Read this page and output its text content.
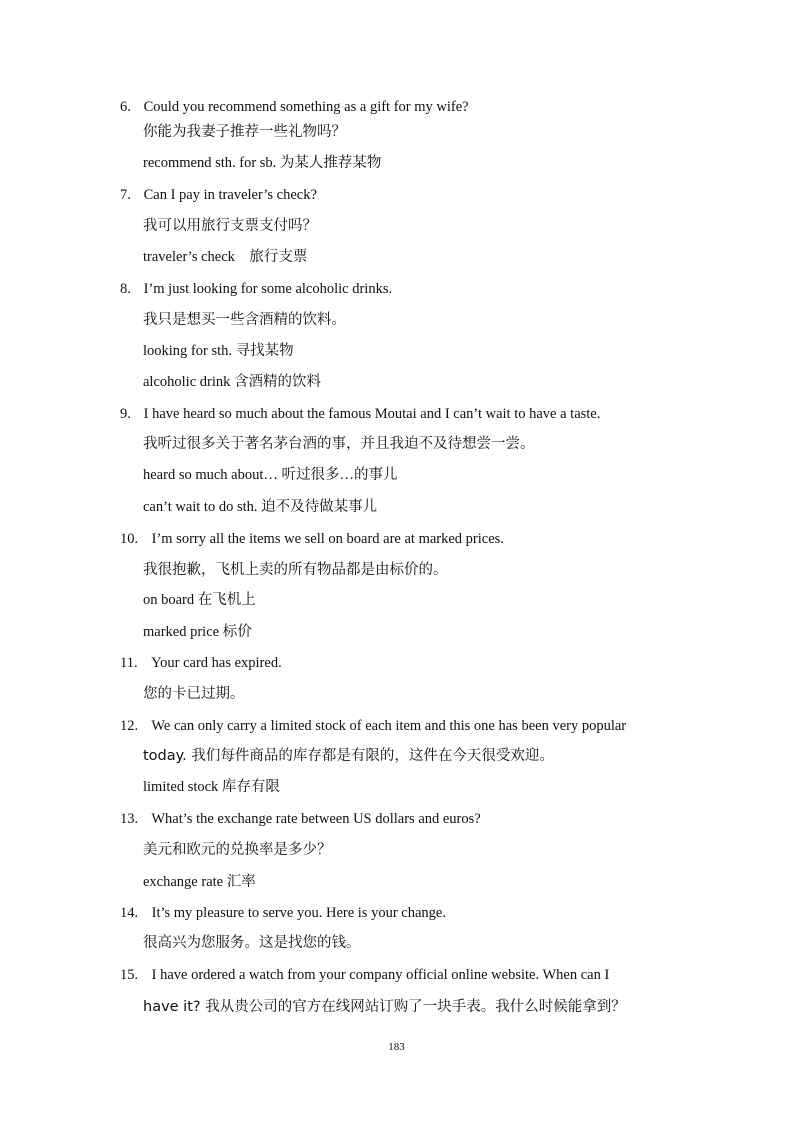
6. Could you recommend something as a gift for my wife?
你能为我妻子推荐一些礼物吗？
recommend sth. for sb. 为某人推荐某物
7. Can I pay in traveler’s check?
我可以用旅行支票支付吗？
traveler’s check　旅行支票
8. I’m just looking for some alcoholic drinks.
我只是想买一些含酒精的饮料。
looking for sth. 寻找某物
alcoholic drink 含酒精的饮料
9. I have heard so much about the famous Moutai and I can’t wait to have a taste.
我听过很多关于著名茅台酒的事，并且我迫不及待想尝一尝。
heard so much about… 听过很多…的事儿
can’t wait to do sth. 迫不及待做某事儿
10. I’m sorry all the items we sell on board are at marked prices.
我很抱歉，飞机上卖的所有物品都是由标价的。
on board 在飞机上
marked price 标价
11. Your card has expired.
您的卡已过期。
12. We can only carry a limited stock of each item and this one has been very popular
today. 我们每件商品的库存都是有限的，这件在今天很受欢迎。
limited stock 库存有限
13. What’s the exchange rate between US dollars and euros?
美元和欧元的兑换率是多少？
exchange rate 汇率
14. It’s my pleasure to serve you. Here is your change.
很高兴为您服务。这是找您的钱。
15. I have ordered a watch from your company official online website. When can I
have it? 我从贵公司的官方在线网站订购了一块手表。我什么时候能拿到？
183
